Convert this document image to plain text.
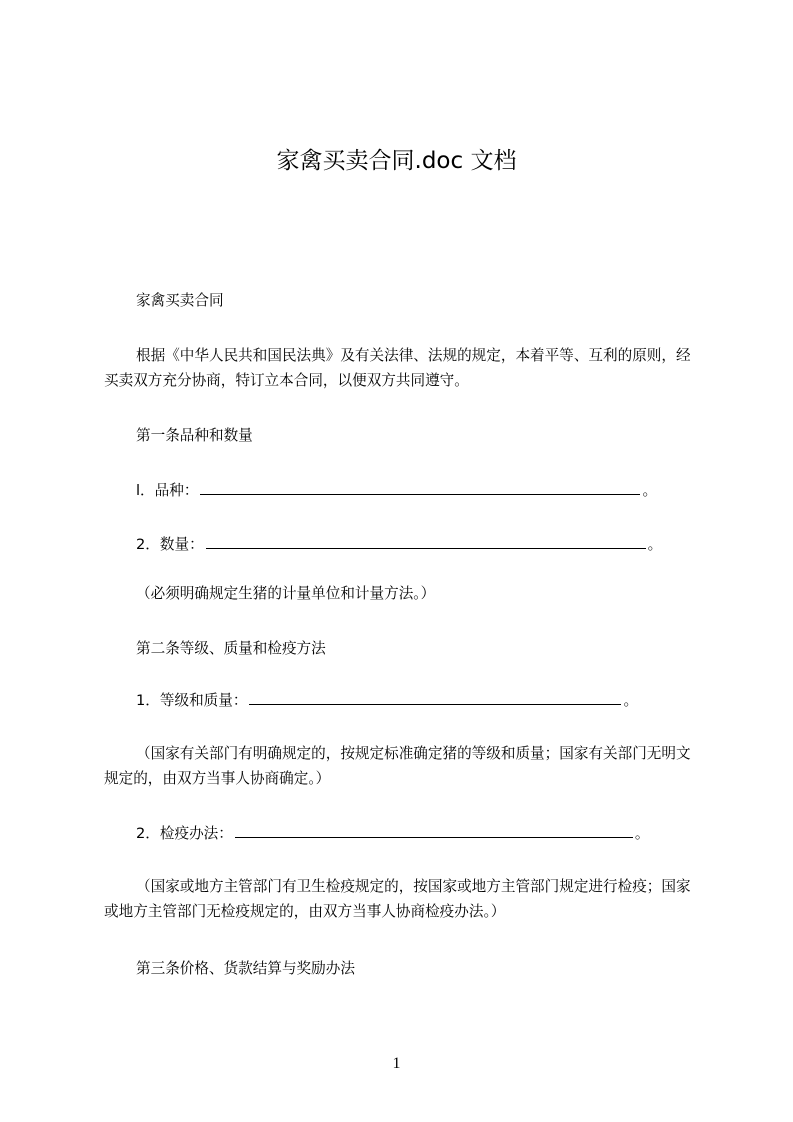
家禽买卖合同.doc 文档
家禽买卖合同
根据《中华人民共和国民法典》及有关法律、法规的规定，本着平等、互利的原则，经买卖双方充分协商，特订立本合同，以便双方共同遵守。
第一条品种和数量
l．品种：	。
2．数量：	。
（必须明确规定生猪的计量单位和计量方法。）
第二条等级、质量和检疫方法
1．等级和质量：	。
（国家有关部门有明确规定的，按规定标准确定猪的等级和质量；国家有关部门无明文规定的，由双方当事人协商确定。）
2．检疫办法：	。
（国家或地方主管部门有卫生检疫规定的，按国家或地方主管部门规定进行检疫；国家或地方主管部门无检疫规定的，由双方当事人协商检疫办法。）
第三条价格、货款结算与奖励办法
1
